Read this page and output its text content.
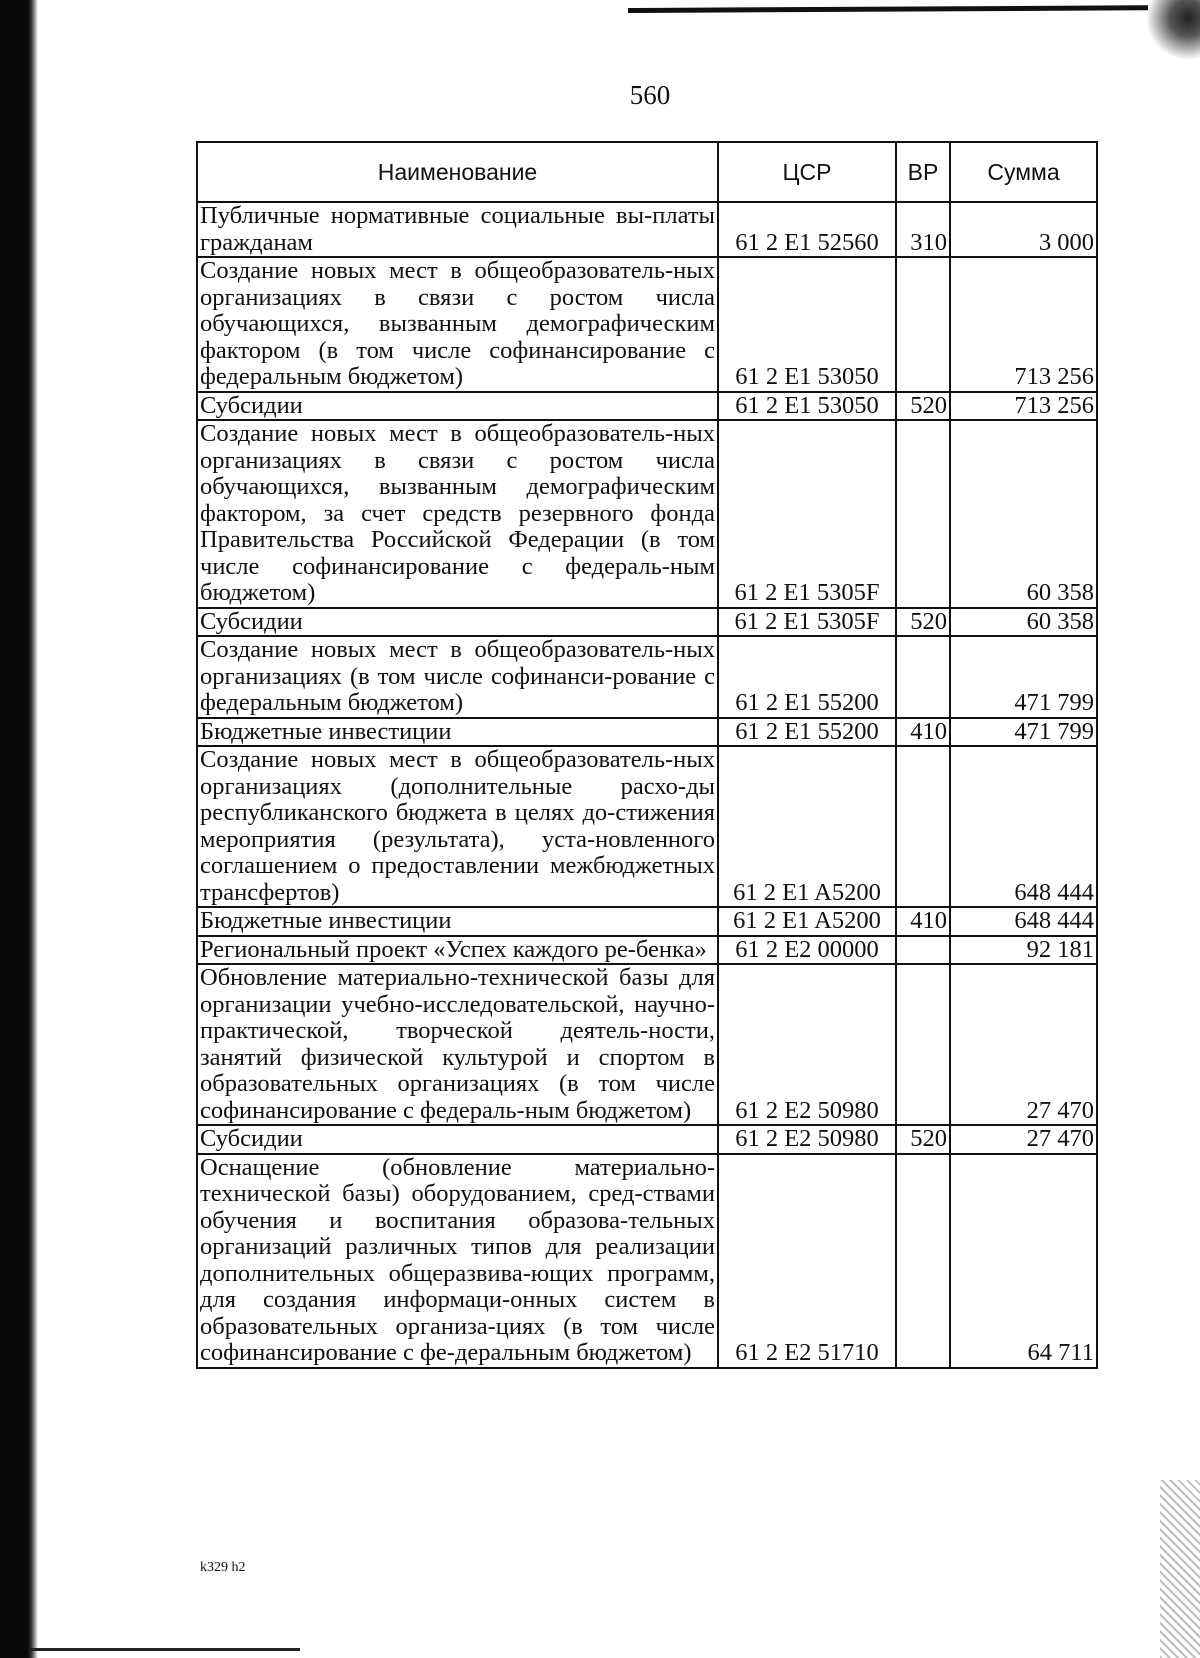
560
Наименование	ЦСР	ВР	Сумма
Публичные нормативные социальные вы-платы гражданам	61 2 E1 52560	310	3 000
Создание новых мест в общеобразователь-ных организациях в связи с ростом числа обучающихся, вызванным демографическим фактором (в том числе софинансирование с федеральным бюджетом)	61 2 E1 53050		713 256
Субсидии	61 2 E1 53050	520	713 256
Создание новых мест в общеобразователь-ных организациях в связи с ростом числа обучающихся, вызванным демографическим фактором, за счет средств резервного фонда Правительства Российской Федерации (в том числе софинансирование с федераль-ным бюджетом)	61 2 E1 5305F		60 358
Субсидии	61 2 E1 5305F	520	60 358
Создание новых мест в общеобразователь-ных организациях (в том числе софинанси-рование с федеральным бюджетом)	61 2 E1 55200		471 799
Бюджетные инвестиции	61 2 E1 55200	410	471 799
Создание новых мест в общеобразователь-ных организациях (дополнительные расхо-ды республиканского бюджета в целях до-стижения мероприятия (результата), уста-новленного соглашением о предоставлении межбюджетных трансфертов)	61 2 E1 A5200		648 444
Бюджетные инвестиции	61 2 E1 A5200	410	648 444
Региональный проект «Успех каждого ре-бенка»	61 2 E2 00000		92 181
Обновление материально-технической базы для организации учебно-исследовательской, научно-практической, творческой деятель-ности, занятий физической культурой и спортом в образовательных организациях (в том числе софинансирование с федераль-ным бюджетом)	61 2 E2 50980		27 470
Субсидии	61 2 E2 50980	520	27 470
Оснащение (обновление материально-технической базы) оборудованием, сред-ствами обучения и воспитания образова-тельных организаций различных типов для реализации дополнительных общеразвива-ющих программ, для создания информаци-онных систем в образовательных организа-циях (в том числе софинансирование с фе-деральным бюджетом)	61 2 E2 51710		64 711
k329 h2
